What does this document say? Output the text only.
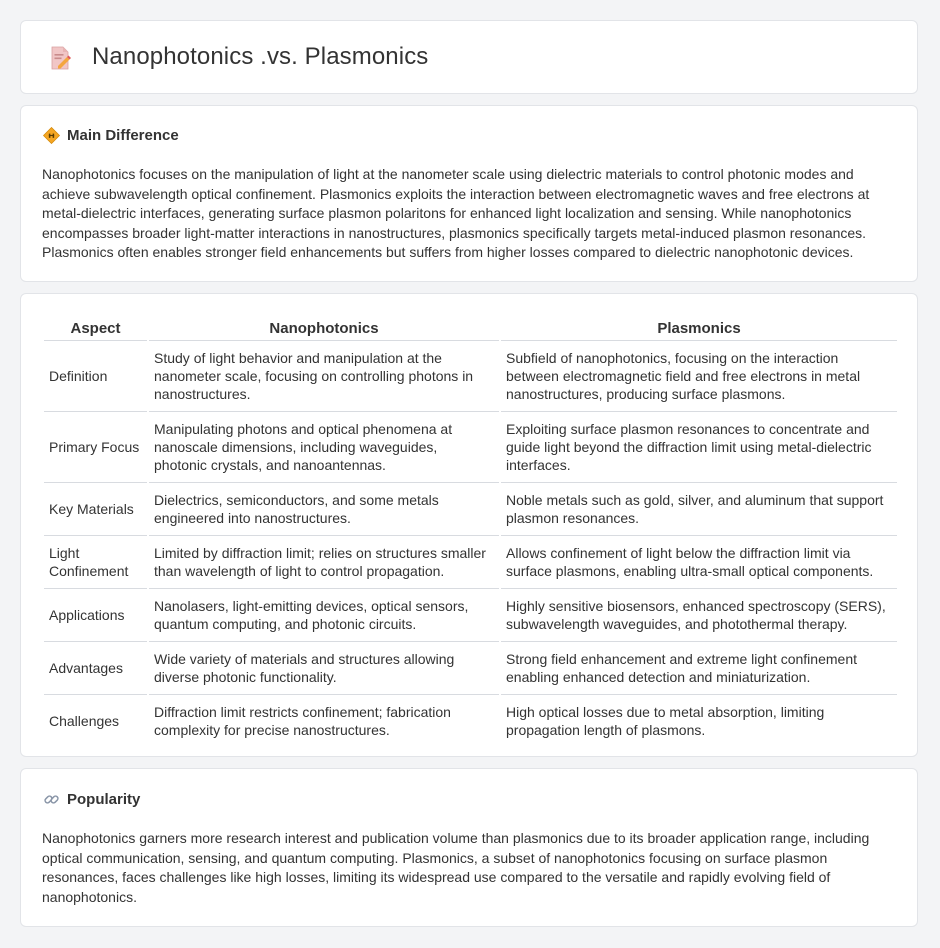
Nanophotonics .vs. Plasmonics
Main Difference

Nanophotonics focuses on the manipulation of light at the nanometer scale using dielectric materials to control photonic modes and achieve subwavelength optical confinement. Plasmonics exploits the interaction between electromagnetic waves and free electrons at metal-dielectric interfaces, generating surface plasmon polaritons for enhanced light localization and sensing. While nanophotonics encompasses broader light-matter interactions in nanostructures, plasmonics specifically targets metal-induced plasmon resonances. Plasmonics often enables stronger field enhancements but suffers from higher losses compared to dielectric nanophotonic devices.

Aspect	Nanophotonics	Plasmonics
Definition	Study of light behavior and manipulation at the nanometer scale, focusing on controlling photons in nanostructures.	Subfield of nanophotonics, focusing on the interaction between electromagnetic field and free electrons in metal nanostructures, producing surface plasmons.
Primary Focus	Manipulating photons and optical phenomena at nanoscale dimensions, including waveguides, photonic crystals, and nanoantennas.	Exploiting surface plasmon resonances to concentrate and guide light beyond the diffraction limit using metal-dielectric interfaces.
Key Materials	Dielectrics, semiconductors, and some metals engineered into nanostructures.	Noble metals such as gold, silver, and aluminum that support plasmon resonances.
Light Confinement	Limited by diffraction limit; relies on structures smaller than wavelength of light to control propagation.	Allows confinement of light below the diffraction limit via surface plasmons, enabling ultra-small optical components.
Applications	Nanolasers, light-emitting devices, optical sensors, quantum computing, and photonic circuits.	Highly sensitive biosensors, enhanced spectroscopy (SERS), subwavelength waveguides, and photothermal therapy.
Advantages	Wide variety of materials and structures allowing diverse photonic functionality.	Strong field enhancement and extreme light confinement enabling enhanced detection and miniaturization.
Challenges	Diffraction limit restricts confinement; fabrication complexity for precise nanostructures.	High optical losses due to metal absorption, limiting propagation length of plasmons.
Popularity

Nanophotonics garners more research interest and publication volume than plasmonics due to its broader application range, including optical communication, sensing, and quantum computing. Plasmonics, a subset of nanophotonics focusing on surface plasmon resonances, faces challenges like high losses, limiting its widespread use compared to the versatile and rapidly evolving field of nanophotonics.
